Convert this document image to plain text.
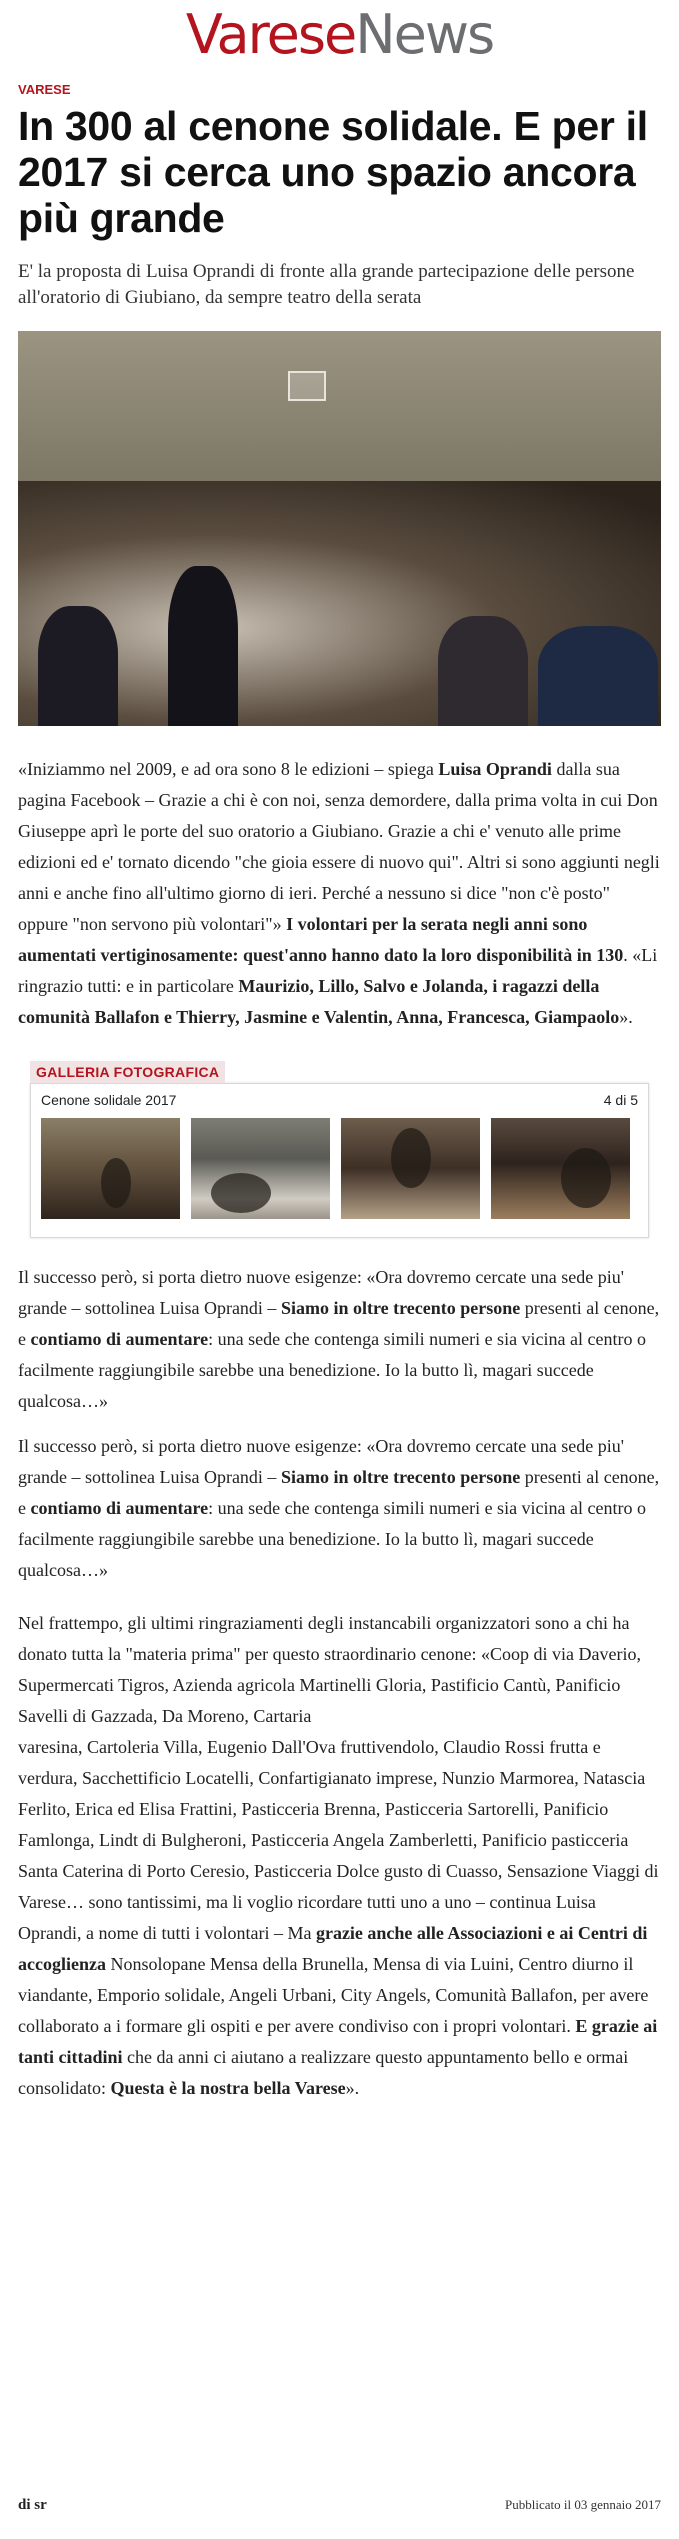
VareseNews
VARESE
In 300 al cenone solidale. E per il 2017 si cerca uno spazio ancora più grande

E' la proposta di Luisa Oprandi di fronte alla grande partecipazione delle persone all'oratorio di Giubiano, da sempre teatro della serata

«Iniziammo nel 2009, e ad ora sono 8 le edizioni – spiega Luisa Oprandi dalla sua pagina Facebook – Grazie a chi è con noi, senza demordere, dalla prima volta in cui Don Giuseppe aprì le porte del suo oratorio a Giubiano. Grazie a chi e' venuto alle prime edizioni ed e' tornato dicendo "che gioia essere di nuovo qui". Altri si sono aggiunti negli anni e anche fino all'ultimo giorno di ieri. Perché a nessuno si dice "non c'è posto" oppure "non servono più volontari"» I volontari per la serata negli anni sono aumentati vertiginosamente: quest'anno hanno dato la loro disponibilità in 130. «Li ringrazio tutti: e in particolare Maurizio, Lillo, Salvo e Jolanda, i ragazzi della comunità Ballafon e Thierry, Jasmine e Valentin, Anna, Francesca, Giampaolo».

GALLERIA FOTOGRAFICA
Cenone solidale 2017	4 di 5

Il successo però, si porta dietro nuove esigenze: «Ora dovremo cercate una sede piu' grande – sottolinea Luisa Oprandi – Siamo in oltre trecento persone presenti al cenone, e contiamo di aumentare: una sede che contenga simili numeri e sia vicina al centro o facilmente raggiungibile sarebbe una benedizione. Io la butto lì, magari succede qualcosa…»

Il successo però, si porta dietro nuove esigenze: «Ora dovremo cercate una sede piu' grande – sottolinea Luisa Oprandi – Siamo in oltre trecento persone presenti al cenone, e contiamo di aumentare: una sede che contenga simili numeri e sia vicina al centro o facilmente raggiungibile sarebbe una benedizione. Io la butto lì, magari succede qualcosa…»

Nel frattempo, gli ultimi ringraziamenti degli instancabili organizzatori sono a chi ha donato tutta la "materia prima" per questo straordinario cenone: «Coop di via Daverio, Supermercati Tigros, Azienda agricola Martinelli Gloria, Pastificio Cantù, Panificio Savelli di Gazzada, Da Moreno, Cartaria

varesina, Cartoleria Villa, Eugenio Dall'Ova fruttivendolo, Claudio Rossi frutta e verdura, Sacchettificio Locatelli, Confartigianato imprese, Nunzio Marmorea, Natascia Ferlito, Erica ed Elisa Frattini, Pasticceria Brenna, Pasticceria Sartorelli, Panificio Famlonga, Lindt di Bulgheroni, Pasticceria Angela Zamberletti, Panificio pasticceria Santa Caterina di Porto Ceresio, Pasticceria Dolce gusto di Cuasso, Sensazione Viaggi di Varese… sono tantissimi, ma li voglio ricordare tutti uno a uno – continua Luisa Oprandi, a nome di tutti i volontari – Ma grazie anche alle Associazioni e ai Centri di accoglienza Nonsolopane Mensa della Brunella, Mensa di via Luini, Centro diurno il viandante, Emporio solidale, Angeli Urbani, City Angels, Comunità Ballafon, per avere collaborato a i formare gli ospiti e per avere condiviso con i propri volontari. E grazie ai tanti cittadini che da anni ci aiutano a realizzare questo appuntamento bello e ormai consolidato: Questa è la nostra bella Varese».

di sr	Pubblicato il 03 gennaio 2017
